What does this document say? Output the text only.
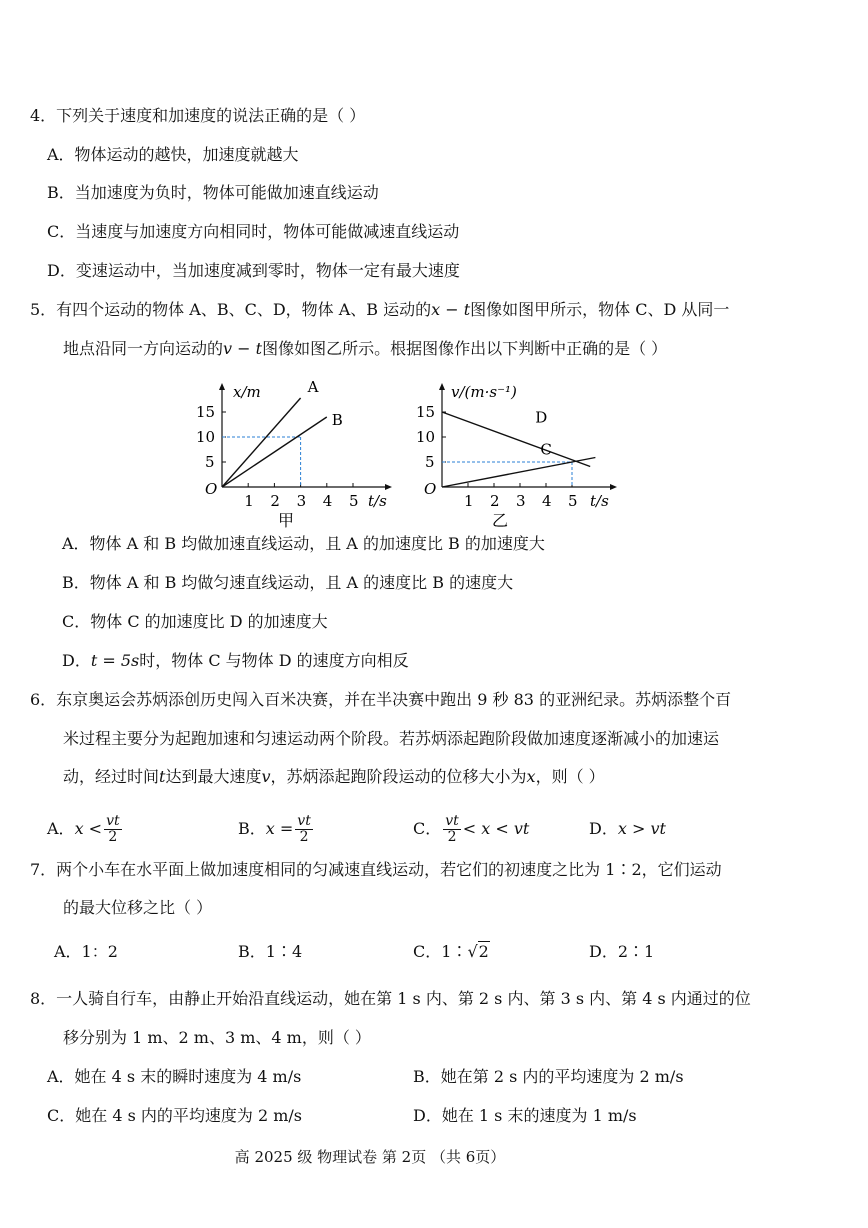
4．下列关于速度和加速度的说法正确的是（ ）
A．物体运动的越快，加速度就越大
B．当加速度为负时，物体可能做加速直线运动
C．当速度与加速度方向相同时，物体可能做减速直线运动
D．变速运动中，当加速度减到零时，物体一定有最大速度
5．有四个运动的物体 A、B、C、D，物体 A、B 运动的x − t图像如图甲所示，物体 C、D 从同一
地点沿同一方向运动的v − t图像如图乙所示。根据图像作出以下判断中正确的是（ ）
1 2 3 4 5
5
10
15
A
B
O
x/m
t/s
甲
1 2 3 4 5
5
10
15	D
C
O
v/(m·s⁻¹)
t/s
乙
A．物体 A 和 B 均做加速直线运动，且 A 的加速度比 B 的加速度大
B．物体 A 和 B 均做匀速直线运动，且 A 的速度比 B 的速度大
C．物体 C 的加速度比 D 的加速度大
D．t = 5s时，物体 C 与物体 D 的速度方向相反
6．东京奥运会苏炳添创历史闯入百米决赛，并在半决赛中跑出 9 秒 83 的亚洲纪录。苏炳添整个百
米过程主要分为起跑加速和匀速运动两个阶段。若苏炳添起跑阶段做加速度逐渐减小的加速运
动，经过时间t达到最大速度v，苏炳添起跑阶段运动的位移大小为x，则（ ）
A．$x < \frac{vt}{2}$	B．$x = \frac{vt}{2}$	C． $\frac{vt}{2} < x$ < vt	D．x > vt
7．两个小车在水平面上做加速度相同的匀减速直线运动，若它们的初速度之比为 1∶2，它们运动
的最大位移之比（ ）
A．1：2	B．1∶4	C．1∶√2	D．2∶1
8．一人骑自行车，由静止开始沿直线运动，她在第 1 s 内、第 2 s 内、第 3 s 内、第 4 s 内通过的位
移分别为 1 m、2 m、3 m、4 m，则（ ）
A．她在 4 s 末的瞬时速度为 4 m/s	B．她在第 2 s 内的平均速度为 2 m/s
C．她在 4 s 内的平均速度为 2 m/s	D．她在 1 s 末的速度为 1 m/s
高 2025 级 物理试卷 第 2页 （共 6页）
